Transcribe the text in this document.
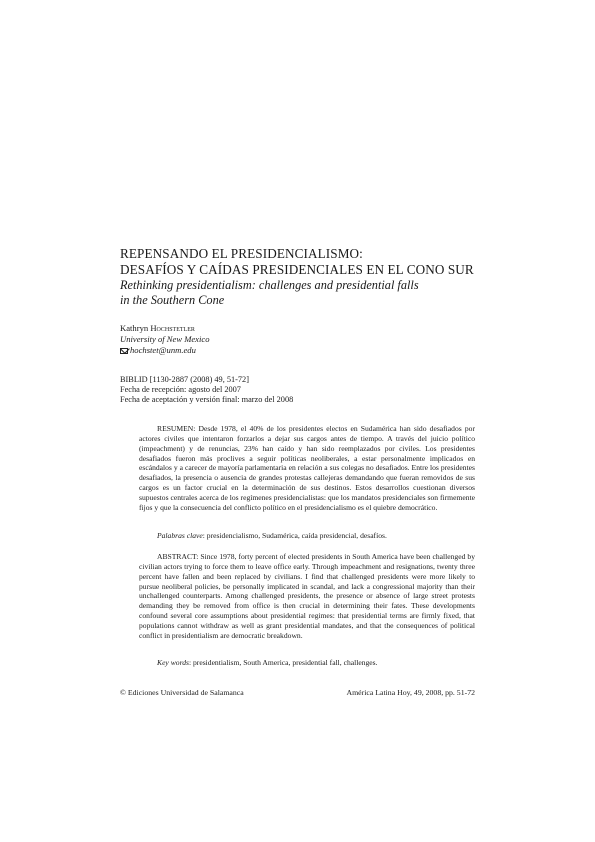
REPENSANDO EL PRESIDENCIALISMO:
DESAFÍOS Y CAÍDAS PRESIDENCIALES EN EL CONO SUR
Rethinking presidentialism: challenges and presidential falls
in the Southern Cone
Kathryn Hochstetler
University of New Mexico
hochstet@unm.edu
BIBLID [1130-2887 (2008) 49, 51-72]
Fecha de recepción: agosto del 2007
Fecha de aceptación y versión final: marzo del 2008

RESUMEN: Desde 1978, el 40% de los presidentes electos en Sudamérica han sido desafiados por actores civiles que intentaron forzarlos a dejar sus cargos antes de tiempo. A través del juicio político (impeachment) y de renuncias, 23% han caído y han sido reemplazados por civiles. Los presidentes desafiados fueron más proclives a seguir políticas neoliberales, a estar personalmente implicados en escándalos y a carecer de mayoría parlamentaria en relación a sus colegas no desafiados. Entre los presidentes desafiados, la presencia o ausencia de grandes protestas callejeras demandando que fueran removidos de sus cargos es un factor crucial en la determinación de sus destinos. Estos desarrollos cuestionan diversos supuestos centrales acerca de los regímenes presidencialistas: que los mandatos presidenciales son firmemente fijos y que la consecuencia del conflicto político en el presidencialismo es el quiebre democrático.

Palabras clave: presidencialismo, Sudamérica, caída presidencial, desafíos.

ABSTRACT: Since 1978, forty percent of elected presidents in South America have been challenged by civilian actors trying to force them to leave office early. Through impeachment and resignations, twenty three percent have fallen and been replaced by civilians. I find that challenged presidents were more likely to pursue neoliberal policies, be personally implicated in scandal, and lack a congressional majority than their unchallenged counterparts. Among challenged presidents, the presence or absence of large street protests demanding they be removed from office is then crucial in determining their fates. These developments confound several core assumptions about presidential regimes: that presidential terms are firmly fixed, that populations cannot withdraw as well as grant presidential mandates, and that the consequences of political conflict in presidentialism are democratic breakdown.

Key words: presidentialism, South America, presidential fall, challenges.
© Ediciones Universidad de Salamanca	América Latina Hoy, 49, 2008, pp. 51-72
